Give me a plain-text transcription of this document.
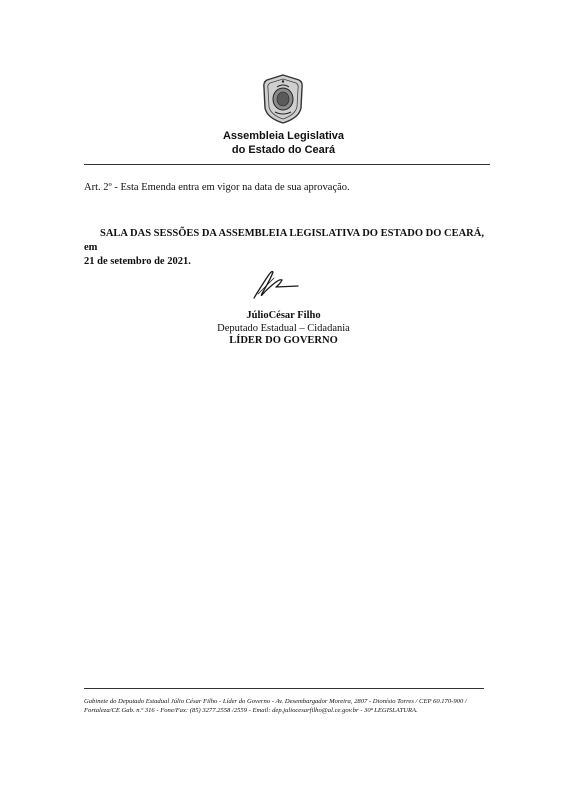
Assembleia Legislativa
do Estado do Ceará
Art. 2º - Esta Emenda entra em vigor na data de sua aprovação.
SALA DAS SESSÕES DA ASSEMBLEIA LEGISLATIVA DO ESTADO DO CEARÁ, em
21 de setembro de 2021.
JúlioCésar Filho
Deputado Estadual – Cidadania
LÍDER DO GOVERNO
Gabinete do Deputado Estadual Júlio César Filho - Líder do Governo - Av. Desembargador Moreira, 2807 - Dionísio Torres / CEP 60.170-900 /
Fortaleza/CE Gab. n.º 316 - Fone/Fax: (85) 3277.2558 /2559 - Email: dep.juliocesarfilho@al.ce.gov.br - 30ª LEGISLATURA.
